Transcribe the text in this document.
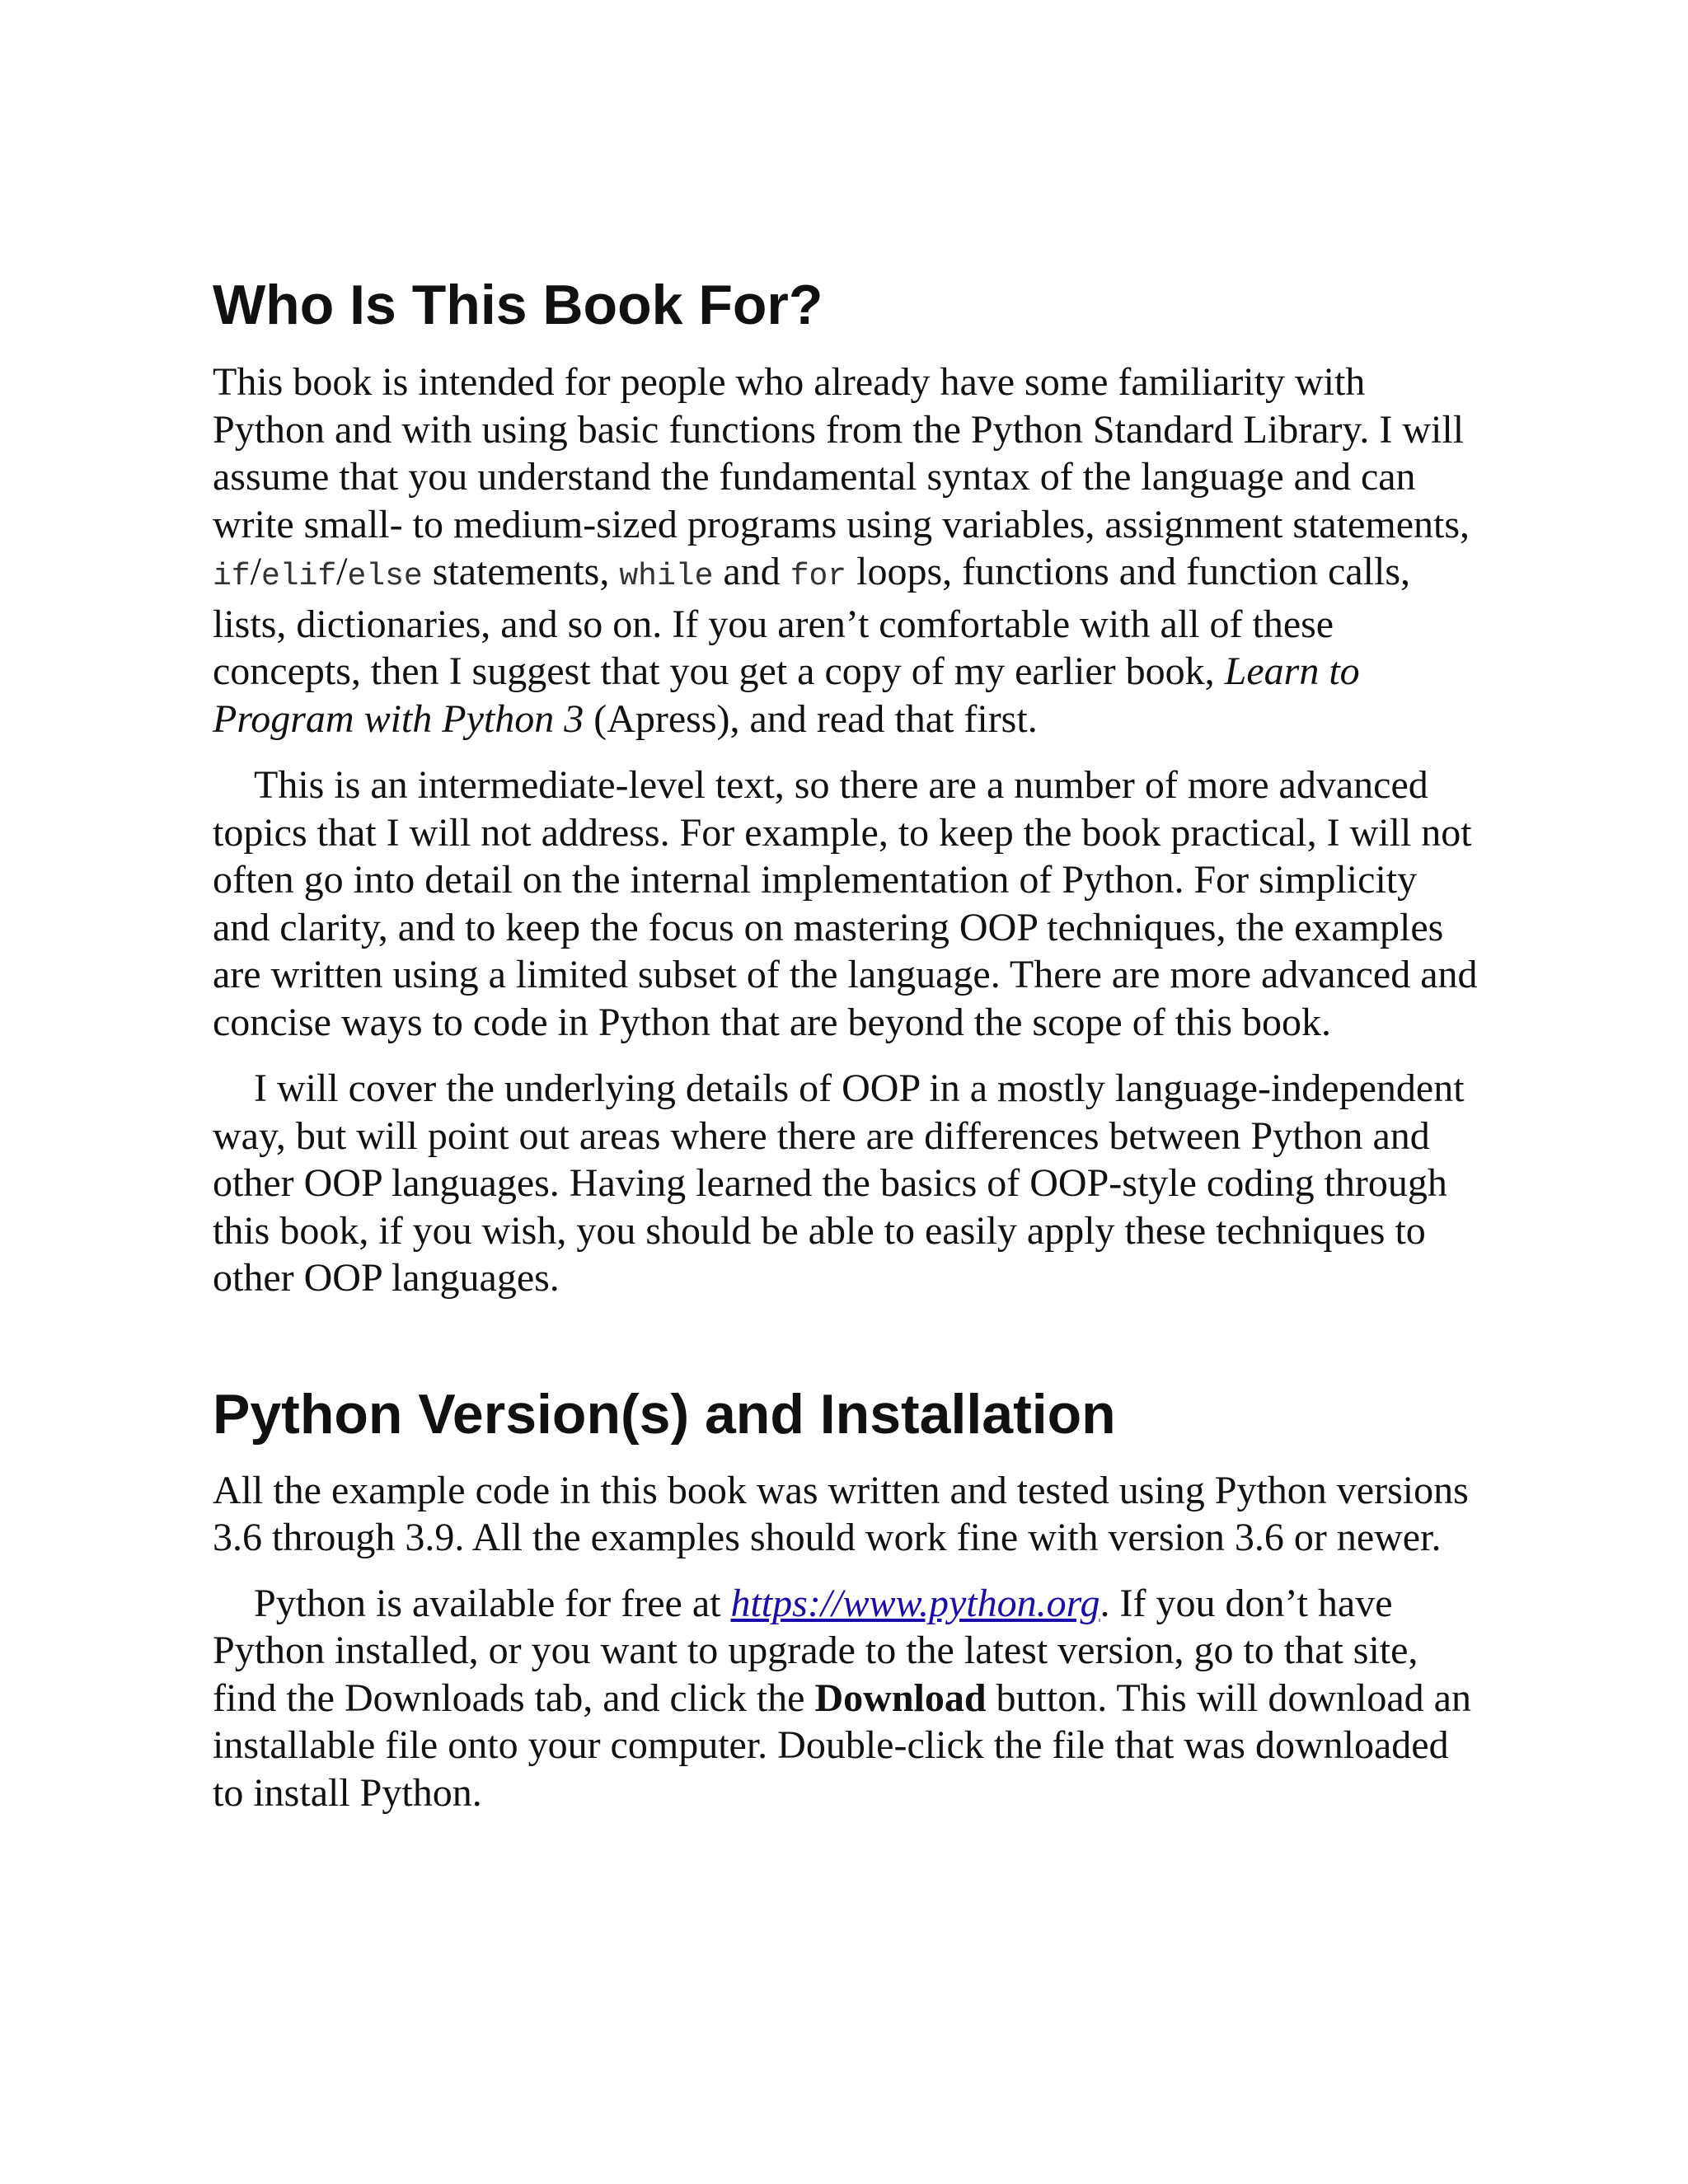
Who Is This Book For?

This book is intended for people who already have some familiarity with Python and with using basic functions from the Python Standard Library. I will assume that you understand the fundamental syntax of the language and can write small- to medium-sized programs using variables, assignment statements, if/elif/else statements, while and for loops, functions and function calls, lists, dictionaries, and so on. If you aren’t comfortable with all of these concepts, then I suggest that you get a copy of my earlier book, Learn to Program with Python 3 (Apress), and read that first.

This is an intermediate-level text, so there are a number of more advanced topics that I will not address. For example, to keep the book practical, I will not often go into detail on the internal implementation of Python. For simplicity and clarity, and to keep the focus on mastering OOP techniques, the examples are written using a limited subset of the language. There are more advanced and concise ways to code in Python that are beyond the scope of this book.

I will cover the underlying details of OOP in a mostly language-independent way, but will point out areas where there are differences between Python and other OOP languages. Having learned the basics of OOP-style coding through this book, if you wish, you should be able to easily apply these techniques to other OOP languages.

Python Version(s) and Installation

All the example code in this book was written and tested using Python versions 3.6 through 3.9. All the examples should work fine with version 3.6 or newer.

Python is available for free at https://www.python.org. If you don’t have Python installed, or you want to upgrade to the latest version, go to that site, find the Downloads tab, and click the Download button. This will download an installable file onto your computer. Double-click the file that was downloaded to install Python.
